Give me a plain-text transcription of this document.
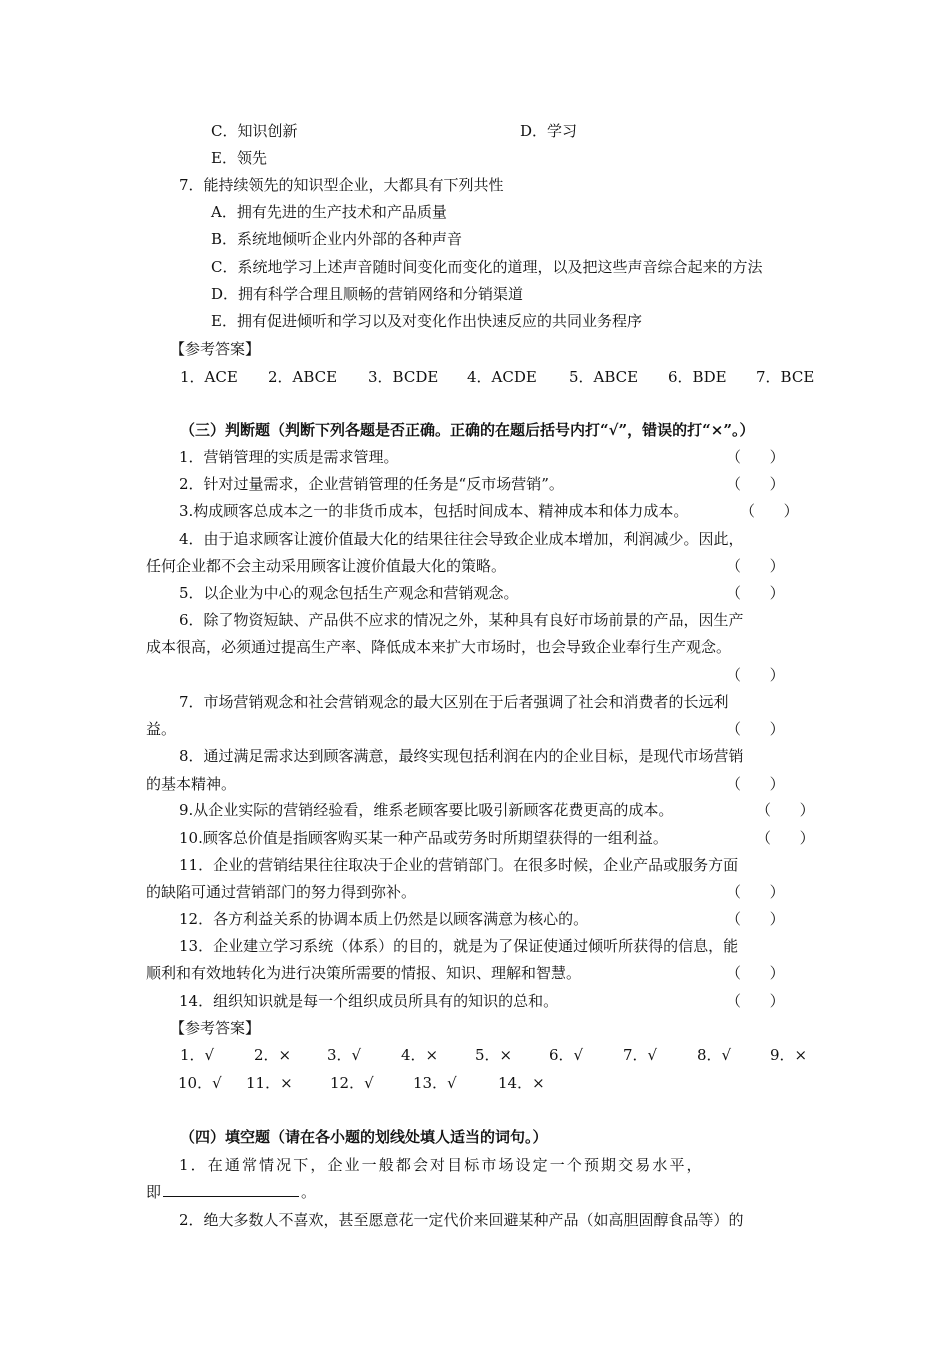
C．知识创新	D．学习
E．领先
7．能持续领先的知识型企业，大都具有下列共性
A．拥有先进的生产技术和产品质量
B．系统地倾听企业内外部的各种声音
C．系统地学习上述声音随时间变化而变化的道理，以及把这些声音综合起来的方法
D．拥有科学合理且顺畅的营销网络和分销渠道
E．拥有促进倾听和学习以及对变化作出快速反应的共同业务程序
【参考答案】
1．ACE 2．ABCE 3．BCDE 4．ACDE 5．ABCE 6．BDE 7．BCE
（三）判断题（判断下列各题是否正确。正确的在题后括号内打“√”，错误的打“×”。）
1．营销管理的实质是需求管理。	（      ）
2．针对过量需求，企业营销管理的任务是“反市场营销”。	（      ）
3.构成顾客总成本之一的非货币成本，包括时间成本、精神成本和体力成本。	（      ）
4．由于追求顾客让渡价值最大化的结果往往会导致企业成本增加，利润减少。因此，
任何企业都不会主动采用顾客让渡价值最大化的策略。	（      ）
5．以企业为中心的观念包括生产观念和营销观念。	（      ）
6．除了物资短缺、产品供不应求的情况之外，某种具有良好市场前景的产品，因生产
成本很高，必须通过提高生产率、降低成本来扩大市场时，也会导致企业奉行生产观念。
（      ）
7．市场营销观念和社会营销观念的最大区别在于后者强调了社会和消费者的长远利
益。	（      ）
8．通过满足需求达到顾客满意，最终实现包括利润在内的企业目标，是现代市场营销
的基本精神。	（      ）
9.从企业实际的营销经验看，维系老顾客要比吸引新顾客花费更高的成本。	（      ）
10.顾客总价值是指顾客购买某一种产品或劳务时所期望获得的一组利益。	（      ）
11．企业的营销结果往往取决于企业的营销部门。在很多时候，企业产品或服务方面
的缺陷可通过营销部门的努力得到弥补。	（      ）
12．各方利益关系的协调本质上仍然是以顾客满意为核心的。	（      ）
13．企业建立学习系统（体系）的目的，就是为了保证使通过倾听所获得的信息，能
顺利和有效地转化为进行决策所需要的情报、知识、理解和智慧。	（      ）
14．组织知识就是每一个组织成员所具有的知识的总和。	（      ）
【参考答案】
1．√	2．× 3．√	4．× 5．× 6．√	7．√	8．√	9．×
10．√ 11．× 12．√	13．√	14．×
（四）填空题（请在各小题的划线处填人适当的词句。）
1．在通常情况下，企业一般都会对目标市场设定一个预期交易水平，
即	。
2．绝大多数人不喜欢，甚至愿意花一定代价来回避某种产品（如高胆固醇食品等）的
